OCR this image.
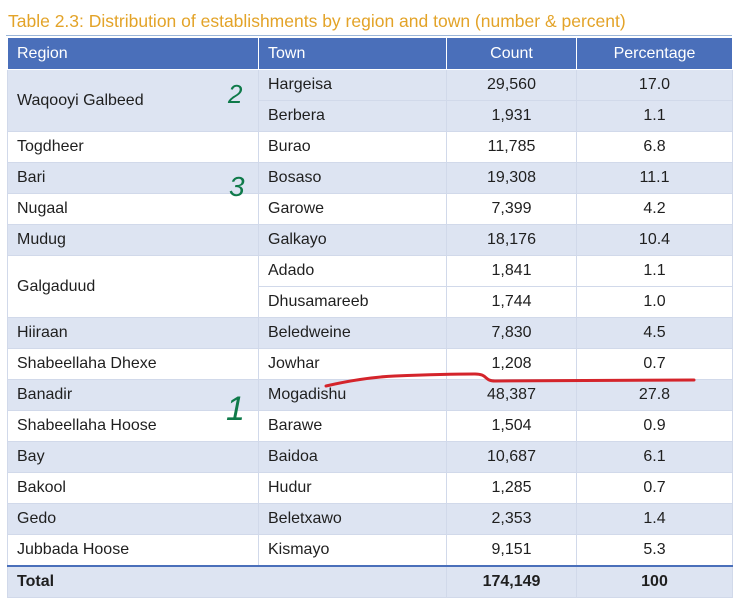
Table 2.3: Distribution of establishments by region and town (number & percent)
Region	Town	Count	Percentage
Waqooyi Galbeed	Hargeisa	29,560	17.0
	Berbera	1,931	1.1
Togdheer	Burao	11,785	6.8
Bari	Bosaso	19,308	11.1
Nugaal	Garowe	7,399	4.2
Mudug	Galkayo	18,176	10.4
Galgaduud	Adado	1,841	1.1
	Dhusamareeb	1,744	1.0
Hiiraan	Beledweine	7,830	4.5
Shabeellaha Dhexe	Jowhar	1,208	0.7
Banadir	Mogadishu	48,387	27.8
Shabeellaha Hoose	Barawe	1,504	0.9
Bay	Baidoa	10,687	6.1
Bakool	Hudur	1,285	0.7
Gedo	Beletxawo	2,353	1.4
Jubbada Hoose	Kismayo	9,151	5.3
Total		174,149	100
2
3
1
